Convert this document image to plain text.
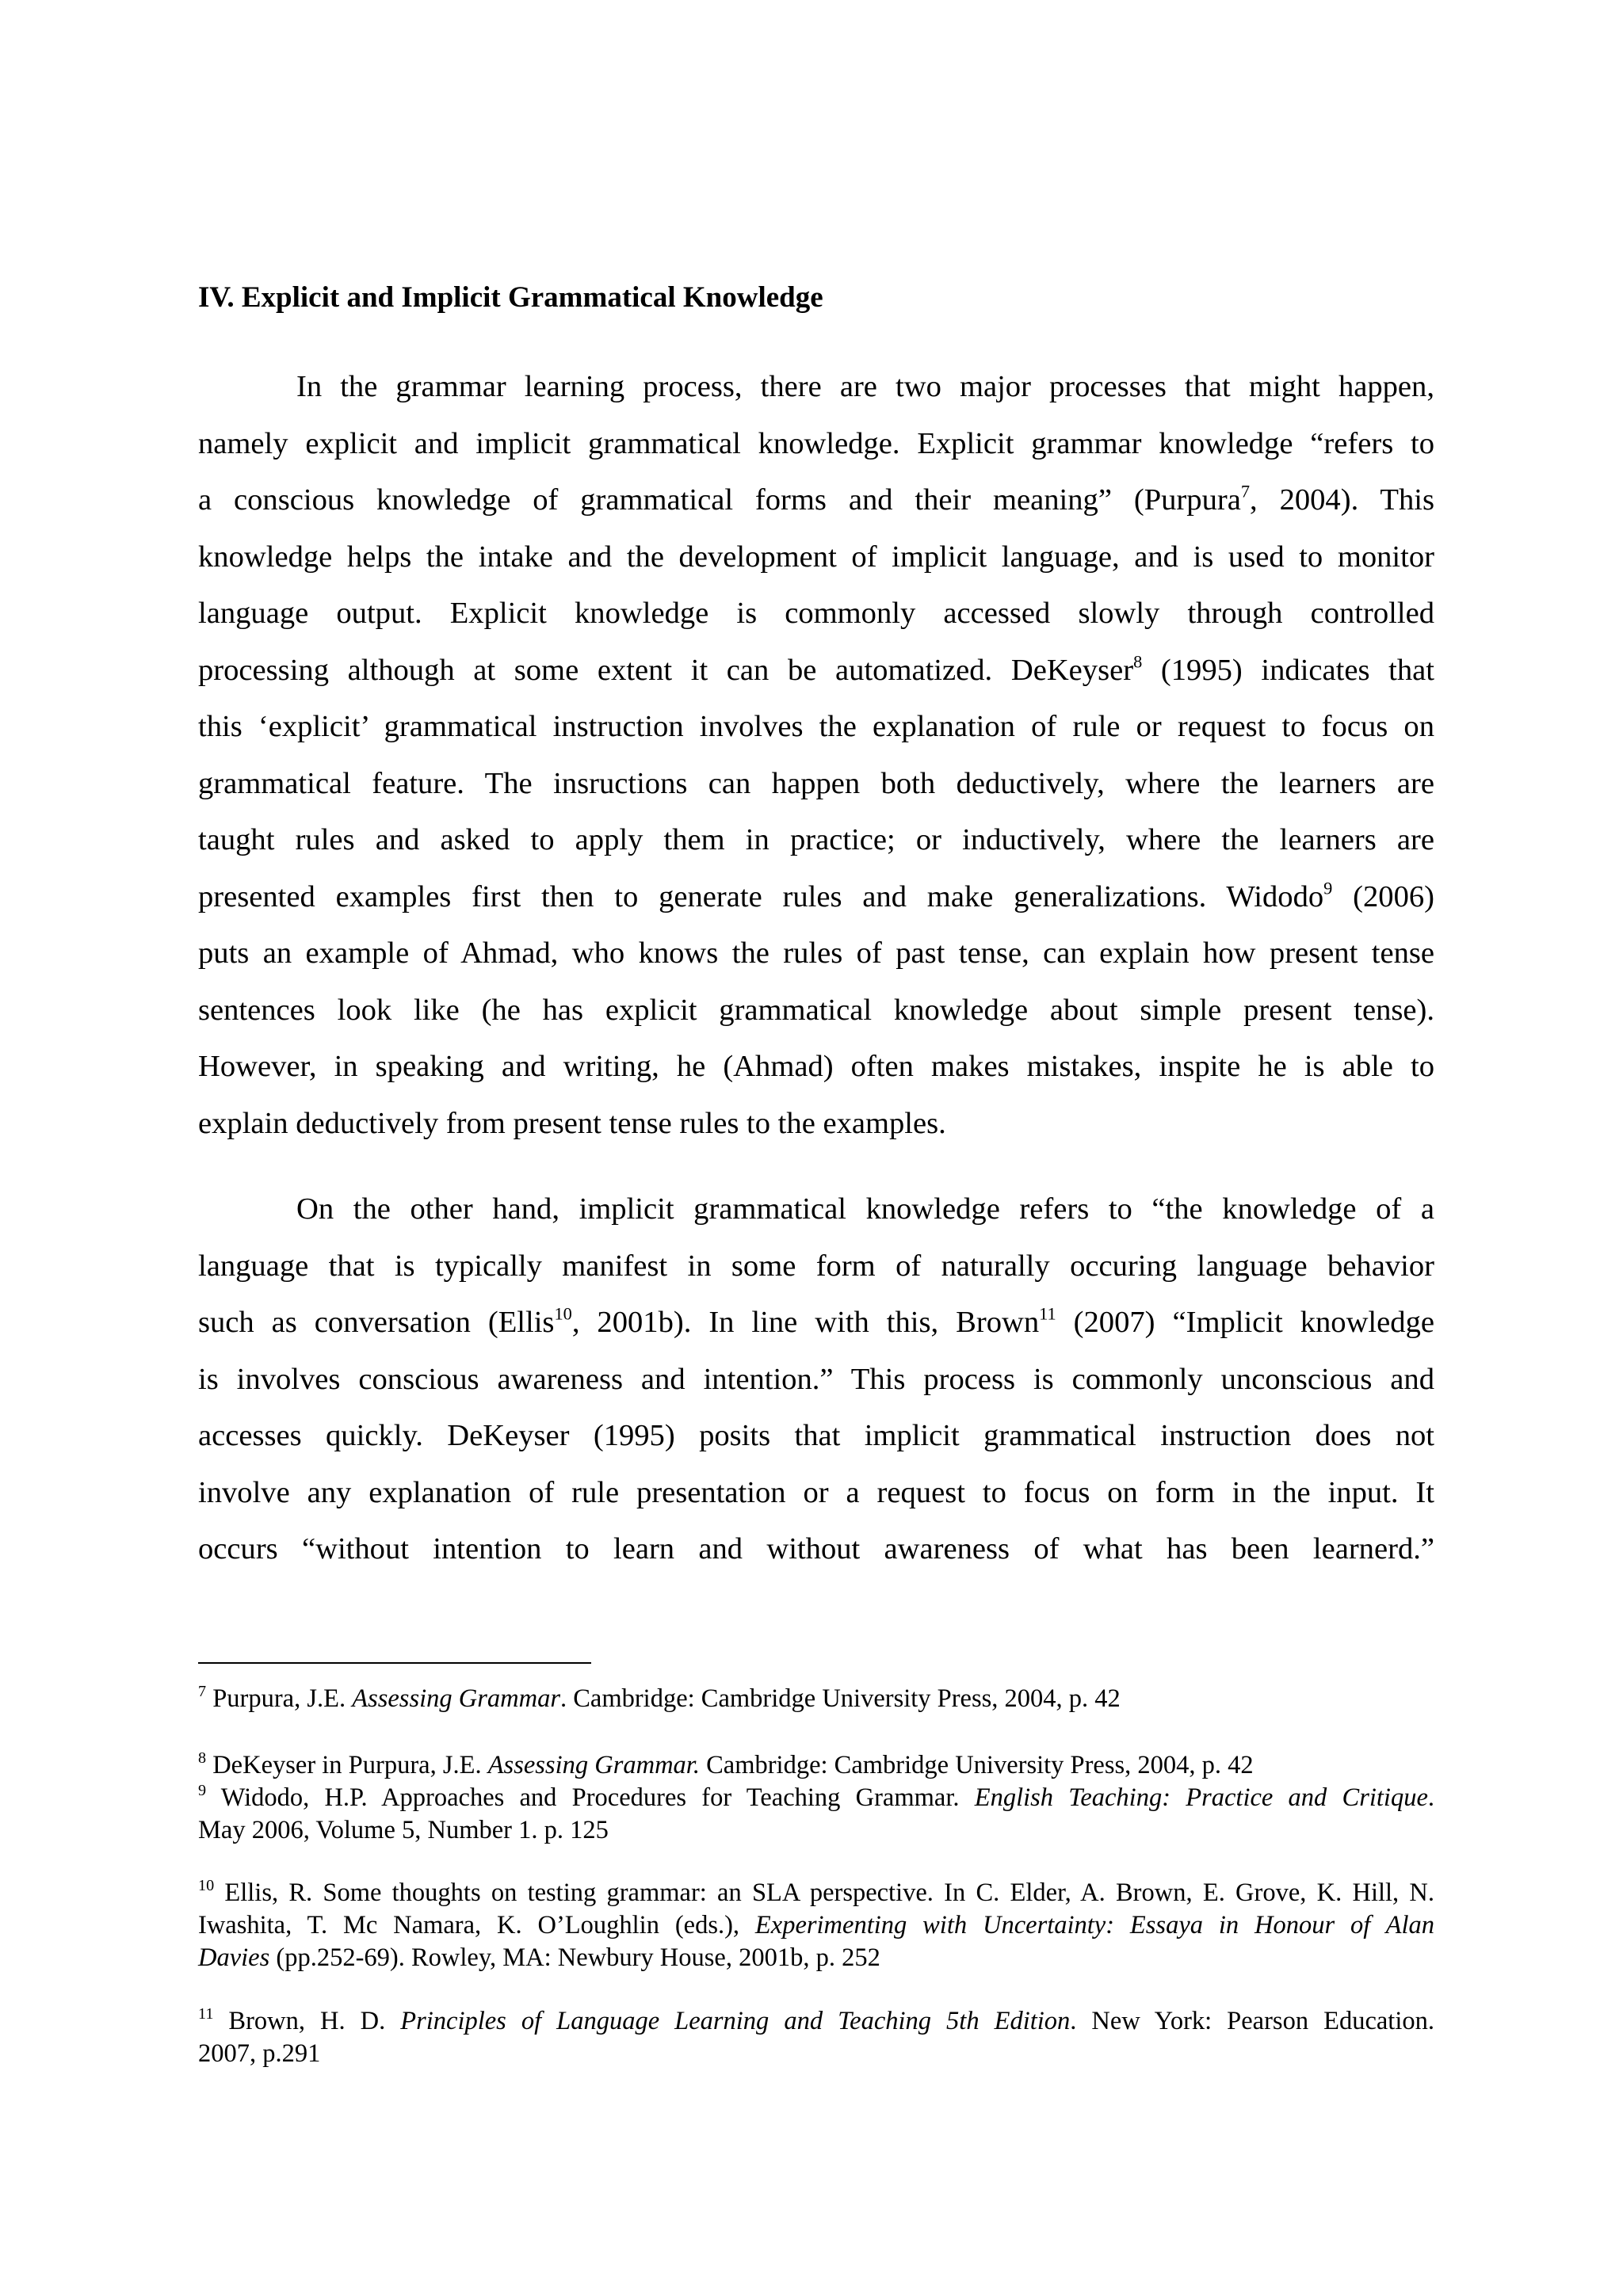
IV. Explicit and Implicit Grammatical Knowledge
In the grammar learning process, there are two major processes that might happen,
namely explicit and implicit grammatical knowledge. Explicit grammar knowledge “refers to
a conscious knowledge of grammatical forms and their meaning” (Purpura$^7$, 2004). This
knowledge helps the intake and the development of implicit language, and is used to monitor
language output. Explicit knowledge is commonly accessed slowly through controlled
processing although at some extent it can be automatized. DeKeyser$^8$ (1995) indicates that
this ‘explicit’ grammatical instruction involves the explanation of rule or request to focus on
grammatical feature. The insructions can happen both deductively, where the learners are
taught rules and asked to apply them in practice; or inductively, where the learners are
presented examples first then to generate rules and make generalizations. Widodo$^9$ (2006)
puts an example of Ahmad, who knows the rules of past tense, can explain how present tense
sentences look like (he has explicit grammatical knowledge about simple present tense).
However, in speaking and writing, he (Ahmad) often makes mistakes, inspite he is able to
explain deductively from present tense rules to the examples.
On the other hand, implicit grammatical knowledge refers to “the knowledge of a
language that is typically manifest in some form of naturally occuring language behavior
such as conversation (Ellis$^{10}$, 2001b). In line with this, Brown$^{11}$ (2007) “Implicit knowledge
is involves conscious awareness and intention.” This process is commonly unconscious and
accesses quickly. DeKeyser (1995) posits that implicit grammatical instruction does not
involve any explanation of rule presentation or a request to focus on form in the input. It
occurs “without intention to learn and without awareness of what has been learnerd.”
$^7$ Purpura, J.E. Assessing Grammar. Cambridge: Cambridge University Press, 2004, p. 42
$^8$ DeKeyser in Purpura, J.E. Assessing Grammar. Cambridge: Cambridge University Press, 2004, p. 42
$^9$ Widodo, H.P. Approaches and Procedures for Teaching Grammar. English Teaching: Practice and Critique.
May 2006, Volume 5, Number 1. p. 125
$^{10}$ Ellis, R. Some thoughts on testing grammar: an SLA perspective. In C. Elder, A. Brown, E. Grove, K. Hill, N.
Iwashita, T. Mc Namara, K. O’Loughlin (eds.), Experimenting with Uncertainty: Essaya in Honour of Alan
Davies (pp.252-69). Rowley, MA: Newbury House, 2001b, p. 252
$^{11}$ Brown, H. D. Principles of Language Learning and Teaching 5th Edition. New York: Pearson Education.
2007, p.291
